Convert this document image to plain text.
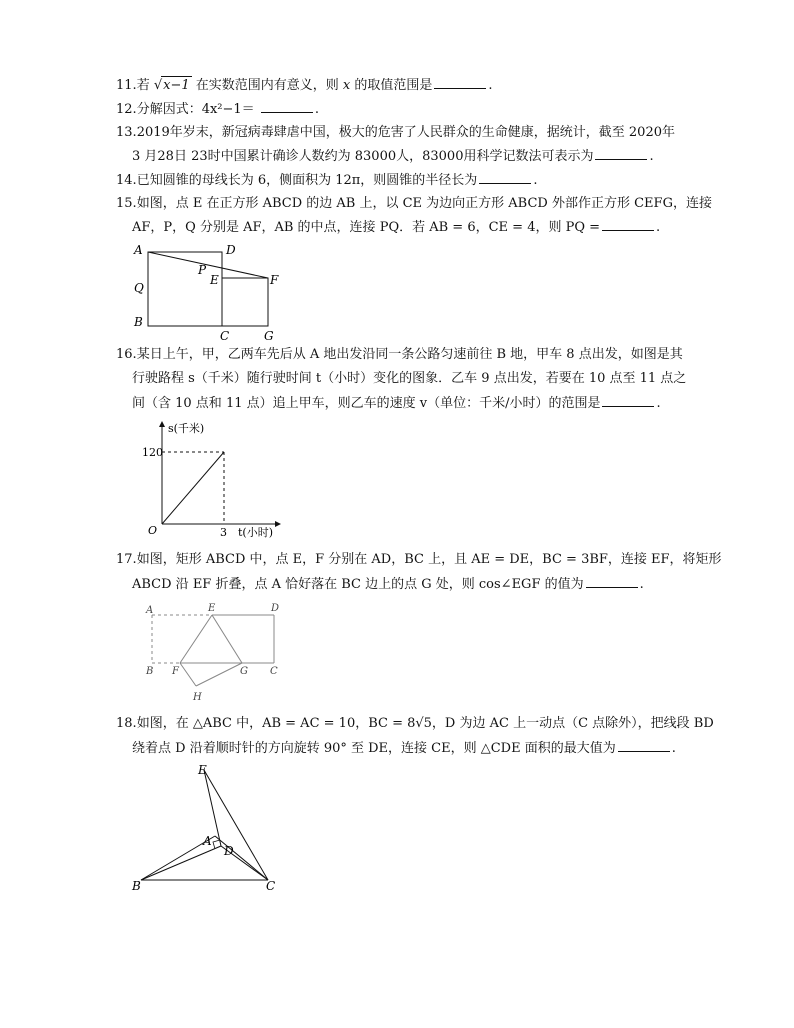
11.若 √x−1 在实数范围内有意义，则 x 的取值范围是	.
12.分解因式：4x²−1＝	.
13.2019年岁末，新冠病毒肆虐中国，极大的危害了人民群众的生命健康，据统计，截至 2020年
3 月28日 23时中国累计确诊人数约为 83000人，83000用科学记数法可表示为	.
14.已知圆锥的母线长为 6，侧面积为 12π，则圆锥的半径长为	.
15.如图，点 E 在正方形 ABCD 的边 AB 上，以 CE 为边向正方形 ABCD 外部作正方形 CEFG，连接
AF，P，Q 分别是 AF，AB 的中点，连接 PQ．若 AB = 6，CE = 4，则 PQ =	.
A	D
P
E	F
Q
B
C	G
16.某日上午，甲，乙两车先后从 A 地出发沿同一条公路匀速前往 B 地，甲车 8 点出发，如图是其
行驶路程 s（千米）随行驶时间 t（小时）变化的图象．乙车 9 点出发，若要在 10 点至 11 点之
间（含 10 点和 11 点）追上甲车，则乙车的速度 v（单位：千米/小时）的范围是	.
s(千米)
120
O	3 t(小时)
17.如图，矩形 ABCD 中，点 E，F 分别在 AD，BC 上，且 AE = DE，BC = 3BF，连接 EF，将矩形
ABCD 沿 EF 折叠，点 A 恰好落在 BC 边上的点 G 处，则 cos∠EGF 的值为	.
A	E	D
B F	G C
H
18.如图，在 △ABC 中，AB = AC = 10，BC = 8√5，D 为边 AC 上一动点（C 点除外），把线段 BD
绕着点 D 沿着顺时针的方向旋转 90° 至 DE，连接 CE，则 △CDE 面积的最大值为	.
E
A
D
B	C
